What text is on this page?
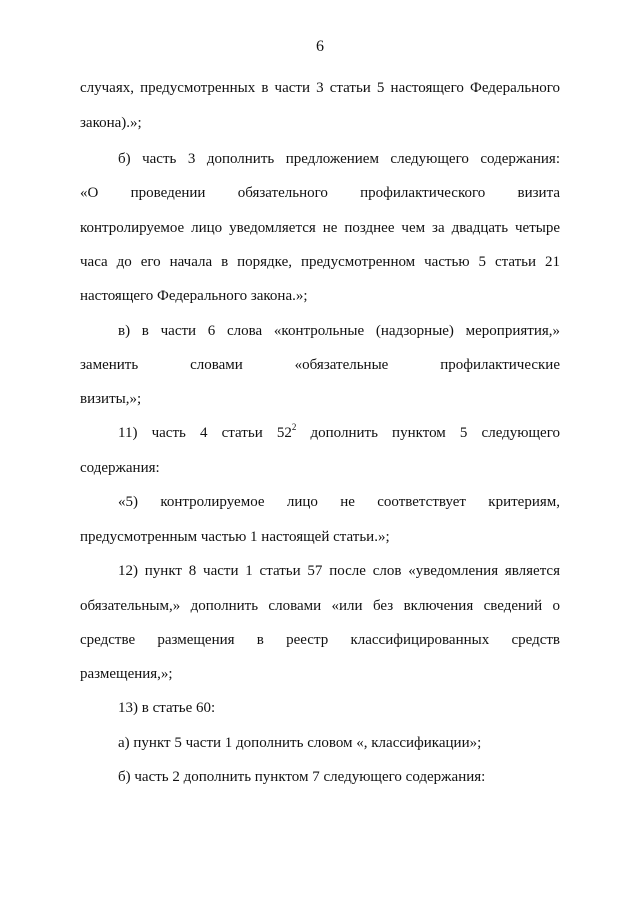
6
случаях, предусмотренных в части 3 статьи 5 настоящего Федерального
закона).»;
б) часть 3 дополнить предложением следующего содержания:
«О проведении обязательного профилактического визита
контролируемое лицо уведомляется не позднее чем за двадцать четыре
часа до его начала в порядке, предусмотренном частью 5 статьи 21
настоящего Федерального закона.»;
в) в части 6 слова «контрольные (надзорные) мероприятия,»
заменить словами «обязательные профилактические
визиты,»;
11) часть 4 статьи $52^2$ дополнить пунктом 5 следующего
содержания:
«5) контролируемое лицо не соответствует критериям,
предусмотренным частью 1 настоящей статьи.»;
12) пункт 8 части 1 статьи 57 после слов «уведомления является
обязательным,» дополнить словами «или без включения сведений о
средстве размещения в реестр классифицированных средств
размещения,»;
13) в статье 60:
а) пункт 5 части 1 дополнить словом «, классификации»;
б) часть 2 дополнить пунктом 7 следующего содержания:
